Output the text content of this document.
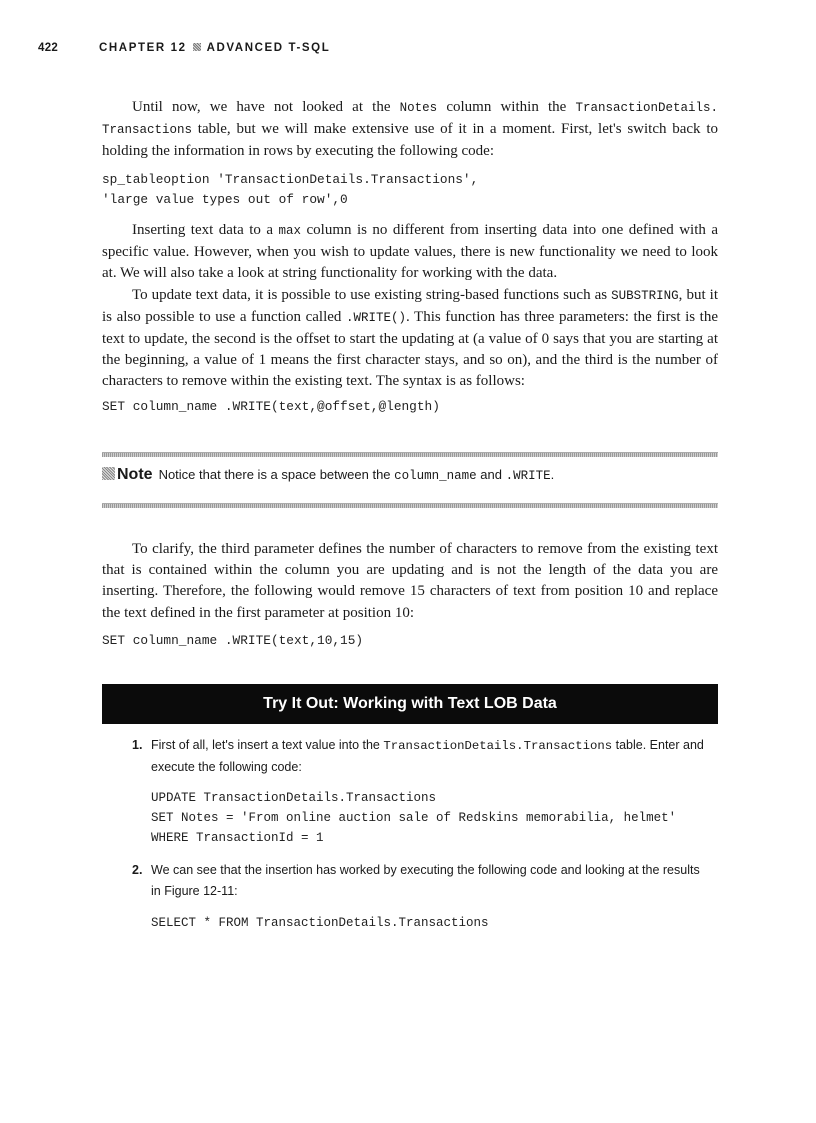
422	CHAPTER 12 ADVANCED T-SQL

Until now, we have not looked at the Notes column within the TransactionDetails. Transactions table, but we will make extensive use of it in a moment. First, let's switch back to holding the information in rows by executing the following code:

sp_tableoption 'TransactionDetails.Transactions',
'large value types out of row',0

Inserting text data to a max column is no different from inserting data into one defined with a specific value. However, when you wish to update values, there is new functionality we need to look at. We will also take a look at string functionality for working with the data.

To update text data, it is possible to use existing string-based functions such as SUBSTRING, but it is also possible to use a function called .WRITE(). This function has three parameters: the first is the text to update, the second is the offset to start the updating at (a value of 0 says that you are starting at the beginning, a value of 1 means the first character stays, and so on), and the third is the number of characters to remove within the existing text. The syntax is as follows:

SET column_name .WRITE(text,@offset,@length)
Note Notice that there is a space between the column_name and .WRITE.

To clarify, the third parameter defines the number of characters to remove from the existing text that is contained within the column you are updating and is not the length of the data you are inserting. Therefore, the following would remove 15 characters of text from position 10 and replace the text defined in the first parameter at position 10:

SET column_name .WRITE(text,10,15)
Try It Out: Working with Text LOB Data
1. First of all, let's insert a text value into the TransactionDetails.Transactions table. Enter and execute the following code:
UPDATE TransactionDetails.Transactions
SET Notes = 'From online auction sale of Redskins memorabilia, helmet'
WHERE TransactionId = 1
2. We can see that the insertion has worked by executing the following code and looking at the results in Figure 12-11:
SELECT * FROM TransactionDetails.Transactions
